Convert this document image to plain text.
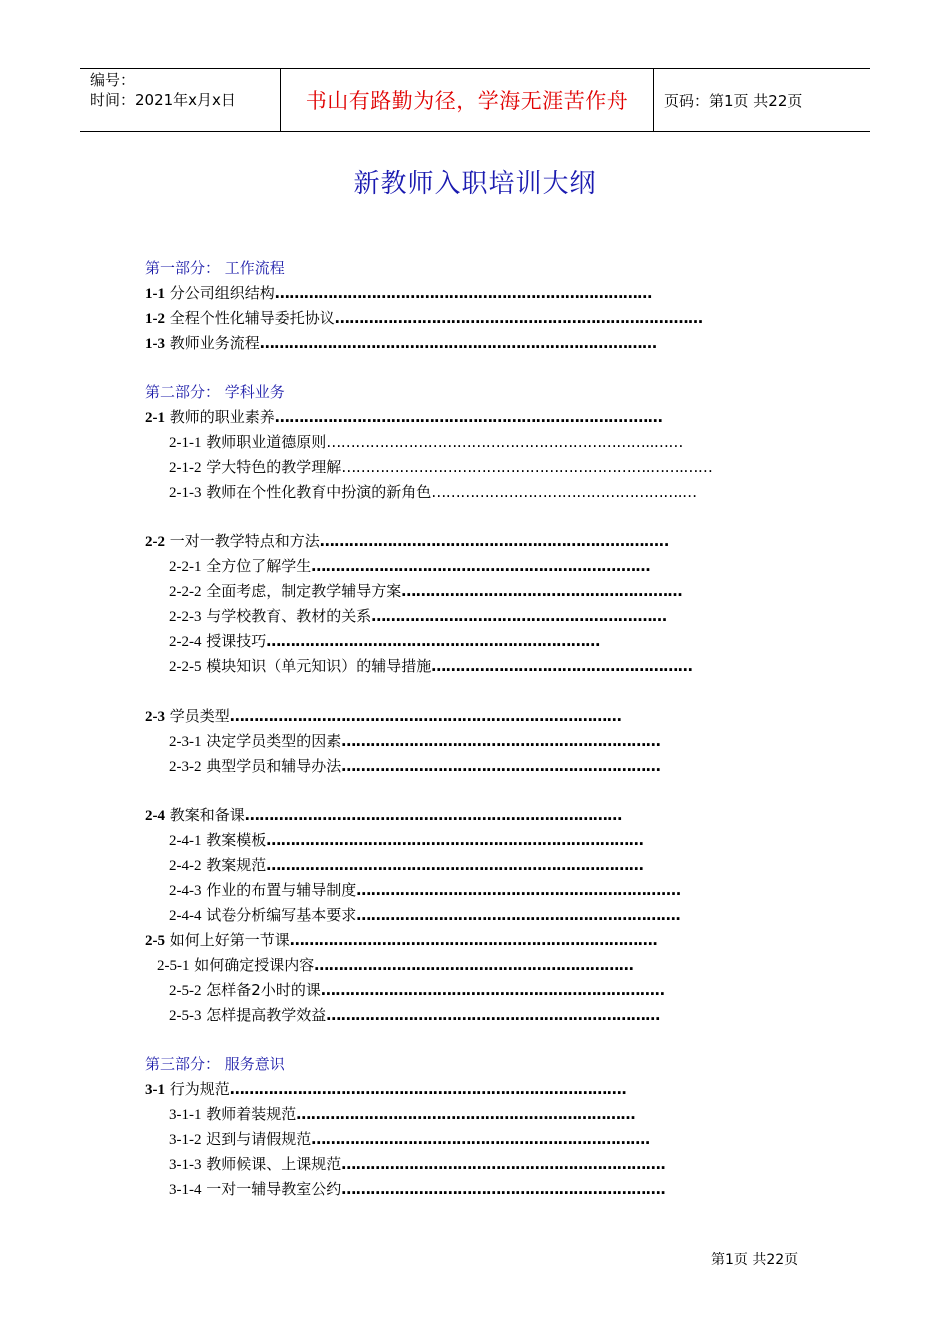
编号：
时间：2021年x月x日	书山有路勤为径，学海无涯苦作舟	页码：第1页 共22页
新教师入职培训大纲
第一部分： 工作流程
1-1 分公司组织结构……………………………………………………………………
1-2 全程个性化辅导委托协议…………………………………………………………….……
1-3 教师业务流程……………………………………………………………….………
第二部分： 学科业务
2-1 教师的职业素养………………………………………………………………..……
2-1-1 教师职业道德原则…………………………………………………………..……
2-1-2 学大特色的教学理解……………………………………………………….…….……
2-1-3 教师在个性化教育中扮演的新角色…………………………………………….…
2-2 一对一教学特点和方法…………………………………………………….………..
2-2-1 全方位了解学生……………………………………………………….……
2-2-2 全面考虑，制定教学辅导方案…………………………………………….……
2-2-3 与学校教育、教材的关系……………………………………………….……
2-2-4 授课技巧……………………………………………………………
2-2-5 模块知识（单元知识）的辅导措施………………………………………………
2-3 学员类型………………………………………………………………………
2-3-1 决定学员类型的因素…………………………………………………………
2-3-2 典型学员和辅导办法…………………………………………………………
2-4 教案和备课……………………………………………………………………
2-4-1 教案模板……………………………………………………………………
2-4-2 教案规范……………………………………………………………………
2-4-3 作业的布置与辅导制度……………………………………………………….…
2-4-4 试卷分析编写基本要求………………………………………………………….
2-5 如何上好第一节课………………………………………………………………….
2-5-1 如何确定授课内容…………………………………………………………
2-5-2 怎样备2小时的课……………………………………………………………..
2-5-3 怎样提高教学效益……………………………………………………………
第三部分： 服务意识
3-1 行为规范……………………………………………………………………….
3-1-1 教师着装规范………………………………………….…………………
3-1-2 迟到与请假规范…………………………………………………………….
3-1-3 教师候课、上课规范………………………………………………………….
3-1-4 一对一辅导教室公约………………………………………………………….
第1页 共22页
